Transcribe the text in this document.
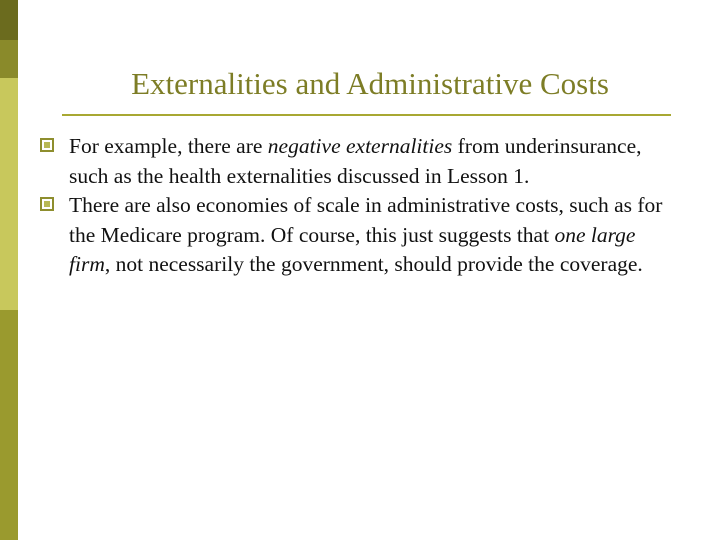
Externalities and Administrative Costs
For example, there are negative externalities from underinsurance, such as the health externalities discussed in Lesson 1.
There are also economies of scale in administrative costs, such as for the Medicare program. Of course, this just suggests that one large firm, not necessarily the government, should provide the coverage.
